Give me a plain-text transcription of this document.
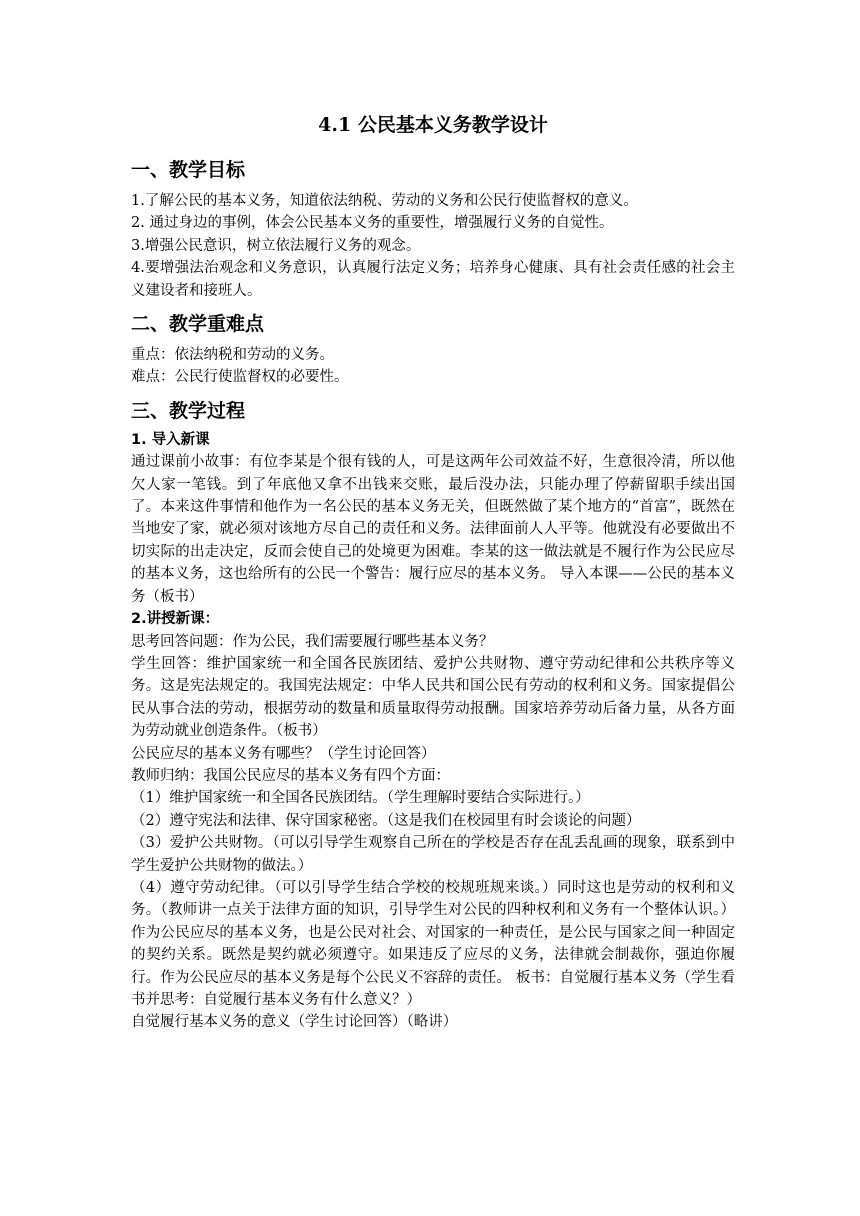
4.1 公民基本义务教学设计
一、教学目标

1.了解公民的基本义务，知道依法纳税、劳动的义务和公民行使监督权的意义。

2. 通过身边的事例，体会公民基本义务的重要性，增强履行义务的自觉性。

3.增强公民意识，树立依法履行义务的观念。

4.要增强法治观念和义务意识，认真履行法定义务；培养身心健康、具有社会责任感的社会主义建设者和接班人。

二、教学重难点

重点：依法纳税和劳动的义务。

难点：公民行使监督权的必要性。

三、教学过程

1. 导入新课

通过课前小故事：有位李某是个很有钱的人，可是这两年公司效益不好，生意很冷清，所以他欠人家一笔钱。到了年底他又拿不出钱来交账，最后没办法，只能办理了停薪留职手续出国了。本来这件事情和他作为一名公民的基本义务无关，但既然做了某个地方的“首富”，既然在当地安了家，就必须对该地方尽自己的责任和义务。法律面前人人平等。他就没有必要做出不切实际的出走决定，反而会使自己的处境更为困难。李某的这一做法就是不履行作为公民应尽的基本义务，这也给所有的公民一个警告：履行应尽的基本义务。 导入本课——公民的基本义务（板书）

2.讲授新课：

思考回答问题：作为公民，我们需要履行哪些基本义务？

学生回答：维护国家统一和全国各民族团结、爱护公共财物、遵守劳动纪律和公共秩序等义务。这是宪法规定的。我国宪法规定：中华人民共和国公民有劳动的权利和义务。国家提倡公民从事合法的劳动，根据劳动的数量和质量取得劳动报酬。国家培养劳动后备力量，从各方面为劳动就业创造条件。（板书）

公民应尽的基本义务有哪些？（学生讨论回答）

教师归纳：我国公民应尽的基本义务有四个方面：

（1）维护国家统一和全国各民族团结。（学生理解时要结合实际进行。）

（2）遵守宪法和法律、保守国家秘密。（这是我们在校园里有时会谈论的问题）

（3）爱护公共财物。（可以引导学生观察自己所在的学校是否存在乱丢乱画的现象，联系到中学生爱护公共财物的做法。）

（4）遵守劳动纪律。（可以引导学生结合学校的校规班规来谈。）同时这也是劳动的权利和义务。（教师讲一点关于法律方面的知识，引导学生对公民的四种权利和义务有一个整体认识。）作为公民应尽的基本义务，也是公民对社会、对国家的一种责任，是公民与国家之间一种固定的契约关系。既然是契约就必须遵守。如果违反了应尽的义务，法律就会制裁你，强迫你履行。作为公民应尽的基本义务是每个公民义不容辞的责任。 板书：自觉履行基本义务（学生看书并思考：自觉履行基本义务有什么意义？）

自觉履行基本义务的意义（学生讨论回答）（略讲）
